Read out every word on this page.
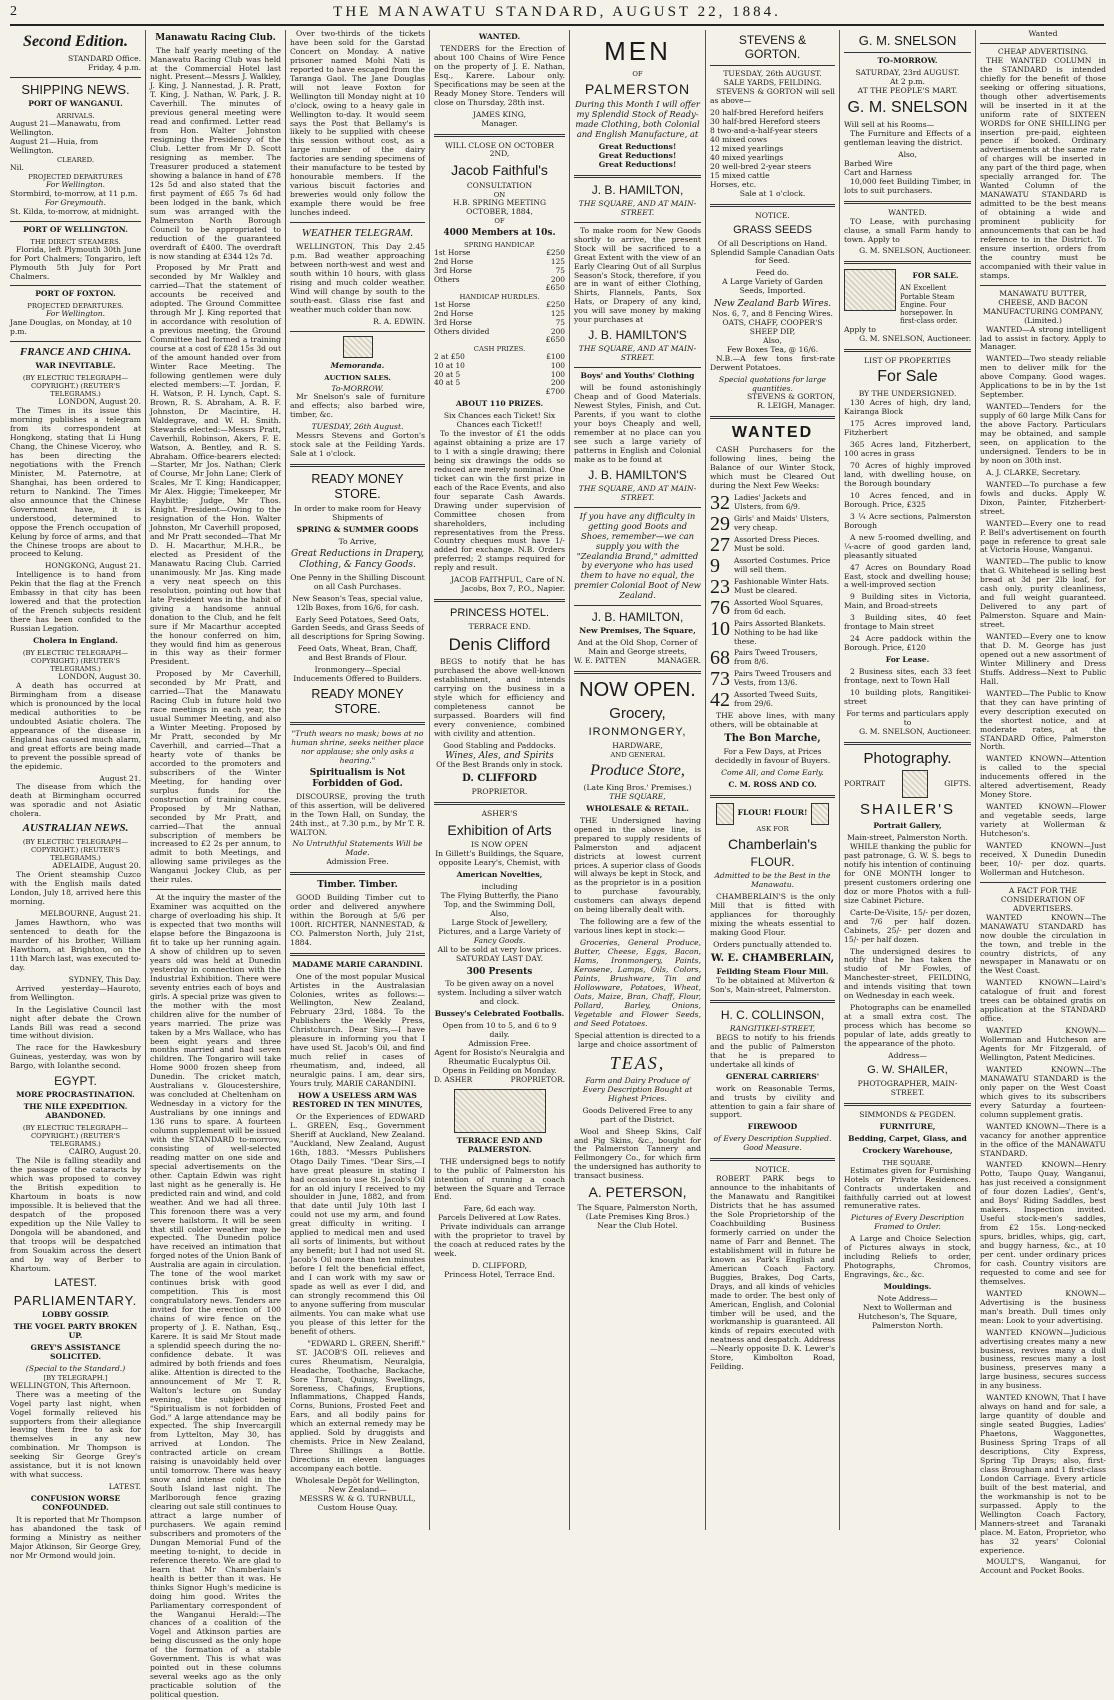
2	THE MANAWATU STANDARD, AUGUST 22, 1884.
Second Edition.
STANDARD Office.
Friday, 4 p.m.
SHIPPING NEWS.
PORT OF WANGANUI.
ARRIVALS.
August 21—Manawatu, from Wellington.
August 21—Huia, from Wellington.
CLEARED.
Nil.
PROJECTED DEPARTURES
For Wellington.
Stormbird, to-morrow, at 11 p.m.
For Greymouth.
St. Kilda, to-morrow, at midnight.
PORT OF WELLINGTON.
THE DIRECT STEAMERS.

Florida, left Plymouth 30th June for Port Chalmers; Tongariro, left Plymouth 5th July for Port Chalmers.

PORT OF FOXTON.
PROJECTED DEPARTURES.
For Wellington.
Jane Douglas, on Monday, at 10 p.m.
FRANCE AND CHINA.
WAR INEVITABLE.
(BY ELECTRIC TELEGRAPH—COPYRIGHT.) (REUTER'S TELEGRAMS.)
LONDON, August 20.

The Times in its issue this morning publishes a telegram from its correspondent at Hongkong, stating that Li Hung Chang, the Chinese Viceroy, who has been directing the negotiations with the French Minister, M. Paternotre, at Shanghai, has been ordered to return to Nankind. The Times also announce that the Chinese Government have, it is understood, determined to oppose the French occupation of Kelung by force of arms, and that the Chinese troops are about to proceed to Kelung.

HONGKONG, August 21.

Intelligence is to hand from Pekin that the flag at the French Embassy in that city has been lowered and that the protection of the French subjects resident there has been confided to the Russian Legation.

Cholera in England.
(BY ELECTRIC TELEGRAPH—COPYRIGHT.) (REUTER'S TELEGRAMS.)
LONDON, August 30.

A death has occurred at Birmingham from a disease which is pronounced by the local medical authorities to be undoubted Asiatic cholera. The appearance of the disease in England has caused much alarm, and great efforts are being made to prevent the possible spread of the epidemic.

August 21.

The disease from which the death at Birmingham occurred was sporadic and not Asiatic cholera.

AUSTRALIAN NEWS.
(BY ELECTRIC TELEGRAPH—COPYRIGHT.) (REUTER'S TELEGRAMS.)
ADELAIDE, August 20.

The Orient steamship Cuzco with the English mails dated London, July 18, arrived here this morning.

MELBOURNE, August 21.

James Hawthorn, who was sentenced to death for the murder of his brother, William Hawthorn, at Brighton, on the 11th March last, was executed to-day.

SYDNEY, This Day.

Arrived yesterday—Hauroto, from Wellington.

In the Legislative Council last night after debate the Crown Lands Bill was read a second time without division.

The race for the Hawkesbury Guineas, yesterday, was won by Bargo, with Iolanthe second.

EGYPT.
MORE PROCRASTINATION.
THE NILE EXPEDITION. ABANDONED.
(BY ELECTRIC TELEGRAPH—COPYRIGHT.) (REUTER'S TELEGRAMS.)
CAIRO, August 20.

The Nile is falling steadily and the passage of the cataracts by which was proposed to convey the British expedition to Khartoum in boats is now impossible. It is believed that the despatch of the proposed expedition up the Nile Valley to Dongola will be abandoned, and that troops will be despatched from Souakim across the desert and by way of Berber to Khartoum.

LATEST.
PARLIAMENTARY.
LOBBY GOSSIP.
THE VOGEL PARTY BROKEN UP.
GREY'S ASSISTANCE SOLICITED.
(Special to the Standard.)
[BY TELEGRAPH.]
WELLINGTON, This Afternoon.

There was a meeting of the Vogel party last night, when Vogel formally relieved his supporters from their allegiance leaving them free to ask for themselves in any new combination. Mr Thompson is seeking Sir George Grey's assistance, but it is not known with what success.

LATEST.
CONFUSION WORSE CONFOUNDED.

It is reported that Mr Thompson has abandoned the task of forming a Ministry as neither Major Atkinson, Sir George Grey, nor Mr Ormond would join.

Manawatu Racing Club.

The half yearly meeting of the Manawatu Racing Club was held at the Commercial Hotel last night. Present—Messrs J. Walkley, J. King, J. Nannestad, J. R. Pratt, T. King, J. Nathan, W. Park, J. R. Caverhill. The minutes of previous general meeting were read and confirmed. Letter read from Hon. Walter Johnston resigning the Presidency of the Club. Letter from Mr D. Scott resigning as member. The Treasurer produced a statement showing a balance in hand of £78 12s 5d and also stated that the first payment of £65 7s 6d had been lodged in the bank, which sum was arranged with the Palmerston North Borough Council to be appropriated to reduction of the guaranteed overdraft of £400. The overdraft is now standing at £344 12s 7d.

Proposed by Mr Pratt and seconded by Mr Walkley and carried—That the statement of accounts be received and adopted. The Ground Committee through Mr J. King reported that in accordance with resolution of a previous meeting, the Ground Committee had formed a training course at a cost of £28 15s 3d out of the amount handed over from Winter Race Meeting. The following gentlemen were duly elected members:—T. Jordan, F. H. Watson, P. H. Lynch, Capt. S. Brown, R. S. Abraham, A. R. F. Johnston, Dr Macintire, H. Waldegrave, and W. H. Smith. Stewards elected:—Messrs Pratt, Caverhill, Robinson, Akers, F. E. Watson, A. Bentley, and R. S. Abraham. Office-bearers elected:—Starter, Mr Jos. Nathan; Clerk of Course, Mr John Lane; Clerk of Scales, Mr T. King; Handicapper, Mr Alex. Higgie; Timekeeper, Mr Haybittle; Judge, Mr Thos. Knight. President—Owing to the resignation of the Hon. Walter Johnston, Mr Caverhill proposed, and Mr Pratt seconded—That Mr D. H. Macarthur, M.H.R., be elected as President of the Manawatu Racing Club. Carried unanimously. Mr Jas. King made a very neat speech on this resolution, pointing out how that late President was in the habit of giving a handsome annual donation to the Club, and he felt sure if Mr Macarthur accepted the honour conferred on him, they would find him as generous in this way as their former President.

Proposed by Mr Caverhill, seconded by Mr Pratt, and carried—That the Manawatu Racing Club in future hold two race meetings in each year, the usual Summer Meeting, and also a Winter Meeting. Proposed by Mr Pratt, seconded by Mr Caverhill, and carried—That a hearty vote of thanks be accorded to the promoters and subscribers of the Winter Meeting, for handing over surplus funds for the construction of training course. Proposed by Mr Nathan, seconded by Mr Pratt, and carried—That the annual subscription of members be increased to £2 2s per annum, to admit to both Meetings, and allowing same privileges as the Wanganui Jockey Club, as per their rules.

At the inquiry the master of the Examiner was acquitted on the charge of overloading his ship. It is expected that two months will elapse before the Bingazoona is fit to take up her running again. A show of children up to seven years old was held at Dunedin yesterday in connection with the Industrial Exhibition. There were seventy entries each of boys and girls. A special prize was given to the mother with the most children alive for the number of years married. The prize was taken by a Mrs Wallace, who has been eight years and three months married and had seven children. The Tongariro will take Home 9000 frozen sheep from Dunedin. The cricket match, Australians v. Gloucestershire, was concluded at Cheltenham on Wednesday in a victory for the Australians by one innings and 136 runs to spare. A fourteen column supplement will be issued with the STANDARD to-morrow, consisting of well-selected reading matter on one side and special advertisements on the other. Captain Edwin was right last night as he generally is. He predicted rain and wind, and cold weather. And we had all three. This forenoon there was a very severe hailstorm. It will be seen that still colder weather may be expected. The Dunedin police have received an intimation that forged notes of the Union Bank of Australia are again in circulation. The tone of the wool market continues brisk with good competition. This is most congratulatory news. Tenders are invited for the erection of 100 chains of wire fence on the property of J. E. Nathan, Esq., Karere. It is said Mr Stout made a splendid speech during the no-confidence debate. It was admired by both friends and foes alike. Attention is directed to the announcement of Mr T. R. Walton's lecture on Sunday evening, the subject being "Spiritualism is not forbidden of God." A large attendance may be expected. The ship Invercargill from Lyttelton, May 30, has arrived at London. The contracted article on cream raising is unavoidably held over until tomorrow. There was heavy snow and intense cold in the South Island last night. The Marlborough fence grazing clearing out sale still continues to attract a large number of purchasers. We again remind subscribers and promoters of the Dungan Memorial Fund of the meeting to-night, to decide in reference thereto. We are glad to learn that Mr Chamberlain's health is better than it was. He thinks Signor Hugh's medicine is doing him good. Writes the Parliamentary correspondent of the Wanganui Herald:—The chances of a coalition of the Vogel and Atkinson parties are being discussed as the only hope of the formation of a stable Government. This is what was pointed out in these columns several weeks ago as the only practicable solution of the political question.

Over two-thirds of the tickets have been sold for the Garstad Concert on Monday. A native prisoner named Mohi Nati is reported to have escaped from the Taranga Gaol. The Jane Douglas will not leave Foxton for Wellington till Monday night at 10 o'clock, owing to a heavy gale in Wellington to-day. It would seem says the Post that Bellamy's is likely to be supplied with cheese this session without cost, as a large number of the dairy factories are sending specimens of their manufacture to be tested by honourable members. If the various biscuit factories and breweries would only follow the example there would be free lunches indeed.

WEATHER TELEGRAM.

WELLINGTON, This Day 2.45 p.m. Bad weather approaching between north-west and west and south within 10 hours, with glass rising and much colder weather. Wind will change by south to the south-east. Glass rise fast and weather much colder than now.

R. A. EDWIN.
Memoranda.
AUCTION SALES.
To-MORROW.

Mr Snelson's sale of furniture and effects; also barbed wire, timber, &c.

TUESDAY, 26th August.

Messrs Stevens and Gorton's stock sale at the Feilding Yards. Sale at 1 o'clock.

READY MONEY STORE.

In order to make room for Heavy Shipments of

SPRING & SUMMER GOODS
To Arrive,
Great Reductions in Drapery, Clothing, & Fancy Goods.

One Penny in the Shilling Discount on all Cash Purchases.

New Season's Teas, special value, 12lb Boxes, from 16/6, for cash.

Early Seed Potatoes, Seed Oats, Garden Seeds, and Grass Seeds of all descriptions for Spring Sowing.

Feed Oats, Wheat, Bran, Chaff, and Best Brands of Flour.

Ironmongery—Special Inducements Offered to Builders.

READY MONEY STORE.

"Truth wears no mask; bows at no human shrine, seeks neither place nor applause; she only asks a hearing."

Spiritualism is Not Forbidden of God.

DISCOURSE, proving the truth of this assertion, will be delivered in the Town Hall, on Sunday, the 24th inst., at 7.30 p.m., by Mr T. R. WALTON.

No Untruthful Statements Will be Made.
Admission Free.
Timber. Timber.

GOOD Building Timber cut to order and delivered anywhere within the Borough at 5/6 per 100ft. RICHTER, NANNESTAD, & CO. Palmerston North, July 21st, 1884.

MADAME MARIE CARANDINI.

One of the most popular Musical Artistes in the Australasian Colonies, writes as follows:— Wellington, New Zealand, February 23rd, 1884. To the Publishers the Weekly Press, Christchurch. Dear Sirs,—I have pleasure in informing you that I have used St. Jacob's Oil, and find much relief in cases of rheumatism, and, indeed, all neuralgic pains. I am, dear sirs, Yours truly, MARIE CARANDINI.

HOW A USELESS ARM WAS RESTORED IN TEN MINUTES,

Or the Experiences of EDWARD L. GREEN, Esq., Government Sheriff at Auckland, New Zealand. "Auckland, New Zealand, August 16th, 1883. "Messrs Publishers Otago Daily Times. "Dear Sirs,—I have great pleasure in stating I had occasion to use St. Jacob's Oil for an old injury I received to my shoulder in June, 1882, and from that date until July 10th last I could not use my arm, and found great difficulty in writing. I applied to medical men and used all sorts of liniments, but without any benefit; but I had not used St. Jacob's Oil more than ten minutes before I felt the beneficial effect, and I can work with my saw or spade as well as ever I did, and can strongly recommend this Oil to anyone suffering from muscular ailments. You can make what use you please of this letter for the benefit of others.

"EDWARD L. GREEN, Sheriff."

ST. JACOB'S OIL relieves and cures Rheumatism, Neuralgia, Headache, Toothache, Backache, Sore Throat, Quinsy, Swellings, Soreness, Chafings, Eruptions, Inflammations, Chapped Hands, Corns, Bunions, Frosted Feet and Ears, and all bodily pains for which an external remedy may be applied. Sold by druggists and chemists. Price in New Zealand, Three Shillings a Bottle. Directions in eleven languages accompany each bottle.

Wholesale Depôt for Wellington, New Zealand—
MESSRS W. & G. TURNBULL, Custom House Quay.
WANTED.

TENDERS for the Erection of about 100 Chains of Wire Fence on the property of J. E. Nathan, Esq., Karere. Labour only. Specifications may be seen at the Ready Money Store. Tenders will close on Thursday, 28th inst.

JAMES KING,
Manager.
WILL CLOSE ON OCTOBER 2ND,
Jacob Faithful's
CONSULTATION
ON
H.B. SPRING MEETING OCTOBER, 1884,
OF
4000 Members at 10s.
SPRING HANDICAP.
1st Horse	£250
2nd Horse	125
3rd Horse	75
Others	200
£650
HANDICAP HURDLES.
1st Horse	£250
2nd Horse	125
3rd Horse	75
Others divided	200
£650
CASH PRIZES.
2 at £50	£100
10 at 10	100
20 at 5	100
40 at 5	200
£700
ABOUT 110 PRIZES.
Six Chances each Ticket! Six Chances each Ticket!!

To the investor of £1 the odds against obtaining a prize are 17 to 1 with a single drawing; there being six drawings the odds so reduced are merely nominal. One ticket can win the first prize in each of the Race Events, and also four separate Cash Awards. Drawing under supervision of Committee chosen from shareholders, including representatives from the Press. Country cheques must have 1/- added for exchange. N.B. Orders preferred; 2 stamps required for reply and result.

JACOB FAITHFUL, Care of N. Jacobs, Box 7, P.O., Napier.
PRINCESS HOTEL.
TERRACE END.
Denis Clifford

BEGS to notify that he has purchased the above well-known establishment, and intends carrying on the business in a style which for efficiency and completeness cannot be surpassed. Boarders will find every convenience, combined with civility and attention.

Good Stabling and Paddocks.
Wines, Ales, and Spirits
Of the Best Brands only in stock.
D. CLIFFORD
PROPRIETOR.
ASHER'S
Exhibition of Arts
IS NOW OPEN
In Gillett's Buildings, the Square, opposite Leary's, Chemist, with
American Novelties,
including
The Flying Butterfly, the Piano Top, and the Swimming Doll, Also,
Large Stock of Jewellery, Pictures, and a Large Variety of
Fancy Goods.
All to be sold at very low prices.
SATURDAY LAST DAY.
300 Presents
To be given away on a novel system. Including a silver watch and clock.
Bussey's Celebrated Footballs.
Open from 10 to 5, and 6 to 9 daily.
Admission Free.
Agent for Bosisto's Neuralgia and Rheumatic Eucalyptus Oil.
Opens in Feilding on Monday.
D. ASHER	PROPRIETOR.
TERRACE END AND PALMERSTON.

THE undersigned begs to notify to the public of Palmerston his intention of running a coach between the Square and Terrace End.

Fare, 6d each way.
Parcels Delivered at Low Rates.

Private individuals can arrange with the proprietor to travel by the coach at reduced rates by the week.

D. CLIFFORD,
Princess Hotel, Terrace End.
MEN
OF
PALMERSTON

During this Month I will offer my Splendid Stock of Ready-made Clothing, both Colonial and English Manufacture, at

Great Reductions!
Great Reductions!
Great Reductions!
J. B. HAMILTON,
THE SQUARE, AND AT MAIN-STREET.

To make room for New Goods shortly to arrive, the present Stock will be sacrificed to a Great Extent with the view of an Early Clearing Out of all Surplus Season's Stock, therefore, if you are in want of either Clothing, Shirts, Flannels, Pants, Sox Hats, or Drapery of any kind, you will save money by making your purchases at

J. B. HAMILTON'S
THE SQUARE, AND AT MAIN-STREET.
Boys' and Youths' Clothing

will be found astonishingly Cheap and of Good Materials. Newest Styles, Finish, and Cut. Parents, if you want to clothe your boys Cheaply and well, remember at no place can you see such a large variety of patterns in English and Colonial make as to be found at

J. B. HAMILTON'S
THE SQUARE, AND AT MAIN-STREET.

If you have any difficulty in getting good Boots and Shoes, remember—we can supply you with the "Zealandia Brand," admitted by everyone who has used them to have no equal, the premier Colonial Boot of New Zealand.

J. B. HAMILTON,
New Premises, The Square,
And at the Old Shop, Corner of Main and George streets,
W. E. PATTEN	MANAGER.
NOW OPEN.
Grocery,
IRONMONGERY,
HARDWARE,
AND GENERAL
Produce Store,
(Late King Bros.' Premises.)
THE SQUARE,
WHOLESALE & RETAIL.

THE Undersigned having opened in the above line, is prepared to supply residents of Palmerston and adjacent districts at lowest current prices. A superior class of Goods will always be kept in Stock, and as the proprietor is in a position to purchase favourably, customers can always depend on being liberally dealt with.

The following are a few of the various lines kept in stock:—

Groceries, General Produce, Butter, Cheese, Eggs, Bacon, Hams, Ironmongery, Paints, Kerosene, Lamps, Oils, Colors, Paints, Brushware, Tin and Hollowware, Potatoes, Wheat, Oats, Maize, Bran, Chaff, Flour, Pollard, Barley, Onions, Vegetable and Flower Seeds, and Seed Potatoes.

Special attention is directed to a large and choice assortment of

TEAS,

Farm and Dairy Produce of Every Description Bought at Highest Prices.

Goods Delivered Free to any part of the District.

Wool and Sheep Skins, Calf and Pig Skins, &c., bought for the Palmerston Tannery and Fellmongery Co., for which firm the undersigned has authority to transact business.

A. PETERSON,
The Square, Palmerston North, (Late Premises King Bros.)
Near the Club Hotel.
STEVENS & GORTON.
TUESDAY, 26th AUGUST.
SALE YARDS, FEILDING.

STEVENS & GORTON will sell as above—

20 half-bred Hereford heifers
30 half-bred Hereford steers
8 two-and-a-half-year steers
40 mixed cows
12 mixed yearlings
40 mixed yearlings
20 well-bred 2-year steers
15 mixed cattle
Horses, etc.
Sale at 1 o'clock.
NOTICE.
GRASS SEEDS
Of all Descriptions on Hand.

Splendid Sample Canadian Oats for Seed.

Feed do.

A Large Variety of Garden Seeds, Imported.

New Zealand Barb Wires.
Nos. 6, 7, and 8 Fencing Wires.
OATS, CHAFF, COOPER'S SHEEP DIP,
Also,
Few Boxes Tea, @ 16/6.

N.B.—A few tons first-rate Derwent Potatoes.

Special quotations for large quantities.
STEVENS & GORTON,
R. LEIGH, Manager.
WANTED

CASH Purchasers for the following lines, being the Balance of our Winter Stock, which must be Cleared Out during the Next Few Weeks:

32 Ladies' Jackets and Ulsters, from 6/9.
29 Girls' and Maids' Ulsters, very cheap.
27 Assorted Dress Pieces. Must be sold.
9	Assorted Costumes. Price will sell them.
23 Fashionable Winter Hats. Must be cleared.
76 Assorted Wool Squares, from 6d each.
10 Pairs Assorted Blankets. Nothing to be had like these.
68 Pairs Tweed Trousers, from 8/6.
73 Pairs Tweed Trousers and Vests, from 13/6.
42 Assorted Tweed Suits, from 29/6.

THE above lines, with many others, will be obtainable at

The Bon Marche,

For a Few Days, at Prices decidedly in favour of Buyers.

Come All, and Come Early.
C. M. ROSS AND CO.
FLOUR! FLOUR!
ASK FOR
Chamberlain's
FLOUR.

Admitted to be the Best in the Manawatu.

CHAMBERLAIN'S is the only Mill that is fitted with appliances for thoroughly mixing the wheats essential to making Good Flour.

Orders punctually attended to.
W. E. CHAMBERLAIN,
Feilding Steam Flour Mill.

To be obtained at Milverton & Son's, Main-street, Palmerston.

H. C. COLLINSON,
RANGITIKEI-STREET,

BEGS to notify to his friends and the public of Palmerston that he is prepared to undertake all kinds of

GENERAL CARRIERS'

work on Reasonable Terms, and trusts by civility and attention to gain a fair share of support.

FIREWOOD
of Every Description Supplied. Good Measure.
NOTICE.

ROBERT PARK begs to announce to the inhabitants of the Manawatu and Rangitikei Districts that he has assumed the Sole Proprietorship of the Coachbuilding Business formerly carried on under the name of Farr and Bennet. The establishment will in future be known as Park's English and American Coach Factory. Buggies, Brakes, Dog Carts, Drays, and all kinds of vehicles made to order. The best only of American, English, and Colonial timber will be used, and the workmanship is guaranteed. All kinds of repairs executed with neatness and despatch. Address—Nearly opposite D. K. Lewer's Store, Kimbolton Road, Feilding.

G. M. SNELSON
TO-MORROW.
SATURDAY, 23rd AUGUST.
At 2 p.m.
AT THE PEOPLE'S MART.
G. M. SNELSON
Will sell at his Rooms—

The Furniture and Effects of a gentleman leaving the district.

Also,
Barbed Wire
Cart and Harness

10,000 feet Building Timber, in lots to suit purchasers.

WANTED.

TO Lease, with purchasing clause, a small Farm handy to town. Apply to

G. M. SNELSON, Auctioneer.
FOR SALE.
AN Excellent Portable Steam Engine. Four horsepower. In first-class order.
Apply to
G. M. SNELSON, Auctioneer.
LIST OF PROPERTIES
For Sale
BY THE UNDERSIGNED.

130 Acres of high, dry land, Kairanga Block

175 Acres improved land, Fitzherbert

365 Acres land, Fitzherbert, 100 acres in grass

70 Acres of highly improved land, with dwelling house, on the Borough boundary

10 Acres fenced, and in Borough. Price, £325

3 ¼ Acre sections, Palmerston Borough

A new 5-roomed dwelling, and ¼-acre of good garden land, pleasantly situated

47 Acres on Boundary Road East, stock and dwelling house; a well-improved section

9 Building sites in Victoria, Main, and Broad-streets

3 Building sites, 40 feet frontage to Main street

24 Acre paddock within the Borough. Price, £120

For Lease.

2 Business sites, each 33 feet frontage, next to Town Hall

10 building plots, Rangitikei-street

For terms and particulars apply to
G. M. SNELSON, Auctioneer.
Photography.
PORTRAIT	GIFTS.
SHAILER'S
Portrait Gallery,
Main-street, Palmerston North.

WHILE thanking the public for past patronage, G. W. S. begs to notify his intention of continuing for ONE MONTH longer to present customers ordering one doz or more Photos with a full-size Cabinet Picture.

Carte-De-Visite, 15/- per dozen, and 7/6 per half dozen. Cabinets, 25/- per dozen and 15/- per half dozen.

The undersigned desires to notify that he has taken the studio of Mr Fowles, of Manchester-street, FEILDING, and intends visiting that town on Wednesday in each week.

Photographs can be enamelled at a small extra cost. The process which has become so popular of late, adds greatly to the appearance of the photo.

Address—
G. W. SHAILER,
PHOTOGRAPHER, MAIN-STREET.
SIMMONDS & PEGDEN.
FURNITURE,
Bedding, Carpet, Glass, and
Crockery Warehouse,
THE SQUARE.

Estimates given for Furnishing Hotels or Private Residences. Contracts undertaken and faithfully carried out at lowest remunerative rates.

Pictures of Every Description Framed to Order.

A Large and Choice Selection of Pictures always in stock, including Reliefs to order, Photographs, Chromos, Engravings, &c., &c.

Mouldings.
Note Address—
Next to Wollerman and Hutcheson's, The Square, Palmerston North.
Wanted
CHEAP ADVERTISING.

THE WANTED COLUMN in the STANDARD is intended chiefly for the benefit of those seeking or offering situations, though other advertisements will be inserted in it at the uniform rate of SIXTEEN WORDS for ONE SHILLING per insertion pre-paid, eighteen pence if booked. Ordinary advertisements at the same rate of charges will be inserted in any part of the third page, when specially arranged for. The Wanted Column of the MANAWATU STANDARD is admitted to be the best means of obtaining a wide and prominent publicity for announcements that can be had reference to in the District. To ensure insertion, orders from the country must be accompanied with their value in stamps.

MANAWATU BUTTER, CHEESE, AND BACON MANUFACTURING COMPANY, (Limited.)

WANTED—A strong intelligent lad to assist in factory. Apply to Manager.

WANTED—Two steady reliable men to deliver milk for the above Company. Good wages. Applications to be in by the 1st September.

WANTED—Tenders for the supply of 60 large Milk Cans for the above Factory. Particulars may be obtained, and sample seen, on application to the undersigned. Tenders to be in by noon on 30th inst.

A. J. CLARKE, Secretary.

WANTED—To purchase a few fowls and ducks. Apply W. Dixon, Painter, Fitzherbert-street.

WANTED—Every one to read P. Bell's advertisement on fourth page in reference to great sale at Victoria House, Wanganui.

WANTED—The public to know that G. Whitehead is selling best bread at 3d per 2lb loaf, for cash only, purity cleanliness, and full weight guaranteed. Delivered to any part of Palmerston. Square and Main-street.

WANTED—Every one to know that D. M. George has just opened out a new assortment of Winter Millinery and Dress Stuffs. Address—Next to Public Hall.

WANTED—The Public to Know that they can have printing of every description executed on the shortest notice, and at moderate rates, at the STANDARD Office, Palmerston North.

WANTED KNOWN—Attention is called to the special inducements offered in the altered advertisement, Ready Money Store.

WANTED KNOWN—Flower and vegetable seeds, large variety at Wollerman & Hutcheson's.

WANTED KNOWN—Just received, X Dunedin Dunedin beer, 10/- per doz. quarts. Wollerman and Hutcheson.

A FACT FOR THE CONSIDERATION OF ADVERTISERS.

WANTED KNOWN—The MANAWATU STANDARD has now double the circulation in the town, and treble in the country districts, of any newspaper in Manawatu or on the West Coast.

WANTED KNOWN—Laird's catalogue of fruit and forest trees can be obtained gratis on application at the STANDARD office.

WANTED KNOWN—Wollerman and Hutcheson are Agents for Mr Fitzgerald, of Wellington, Patent Medicines.

WANTED KNOWN—The MANAWATU STANDARD is the only paper on the West Coast which gives to its subscribers every Saturday a fourteen-column supplement gratis.

WANTED KNOWN—There is a vacancy for another apprentice in the office of the MANAWATU STANDARD.

WANTED KNOWN—Henry Potto, Taupo Quay, Wanganui, has just received a consignment of four dozen Ladies', Gent's, and Boys' Riding Saddles, best makers. Inspection invited. Useful stock-men's saddles, from £2 15s. Long-necked spurs, bridles, whips, gig, cart, and buggy harness, &c., at 10 per cent. under ordinary prices for cash. Country visitors are requested to come and see for themselves.

WANTED KNOWN—Advertising is the business man's breath. Dull times only mean: Look to your advertising.

WANTED KNOWN—Judicious advertising creates many a new business, revives many a dull business, rescues many a lost business, preserves many a large business, secures success in any business.

WANTED KNOWN, That I have always on hand and for sale, a large quantity of double and single seated Buggies, Ladies' Phaetons, Waggonettes, Business Spring Traps of all descriptions, City Express, Spring Tip Drays; also, first-class Brougham and 1 first-class London Carriage. Every article built of the best material, and the workmanship is not to be surpassed. Apply to the Wellington Coach Factory, Manners-street and Taranaki place. M. Eaton, Proprietor, who has 32 years' Colonial experience.

MOULT'S, Wanganui, for Account and Pocket Books.
